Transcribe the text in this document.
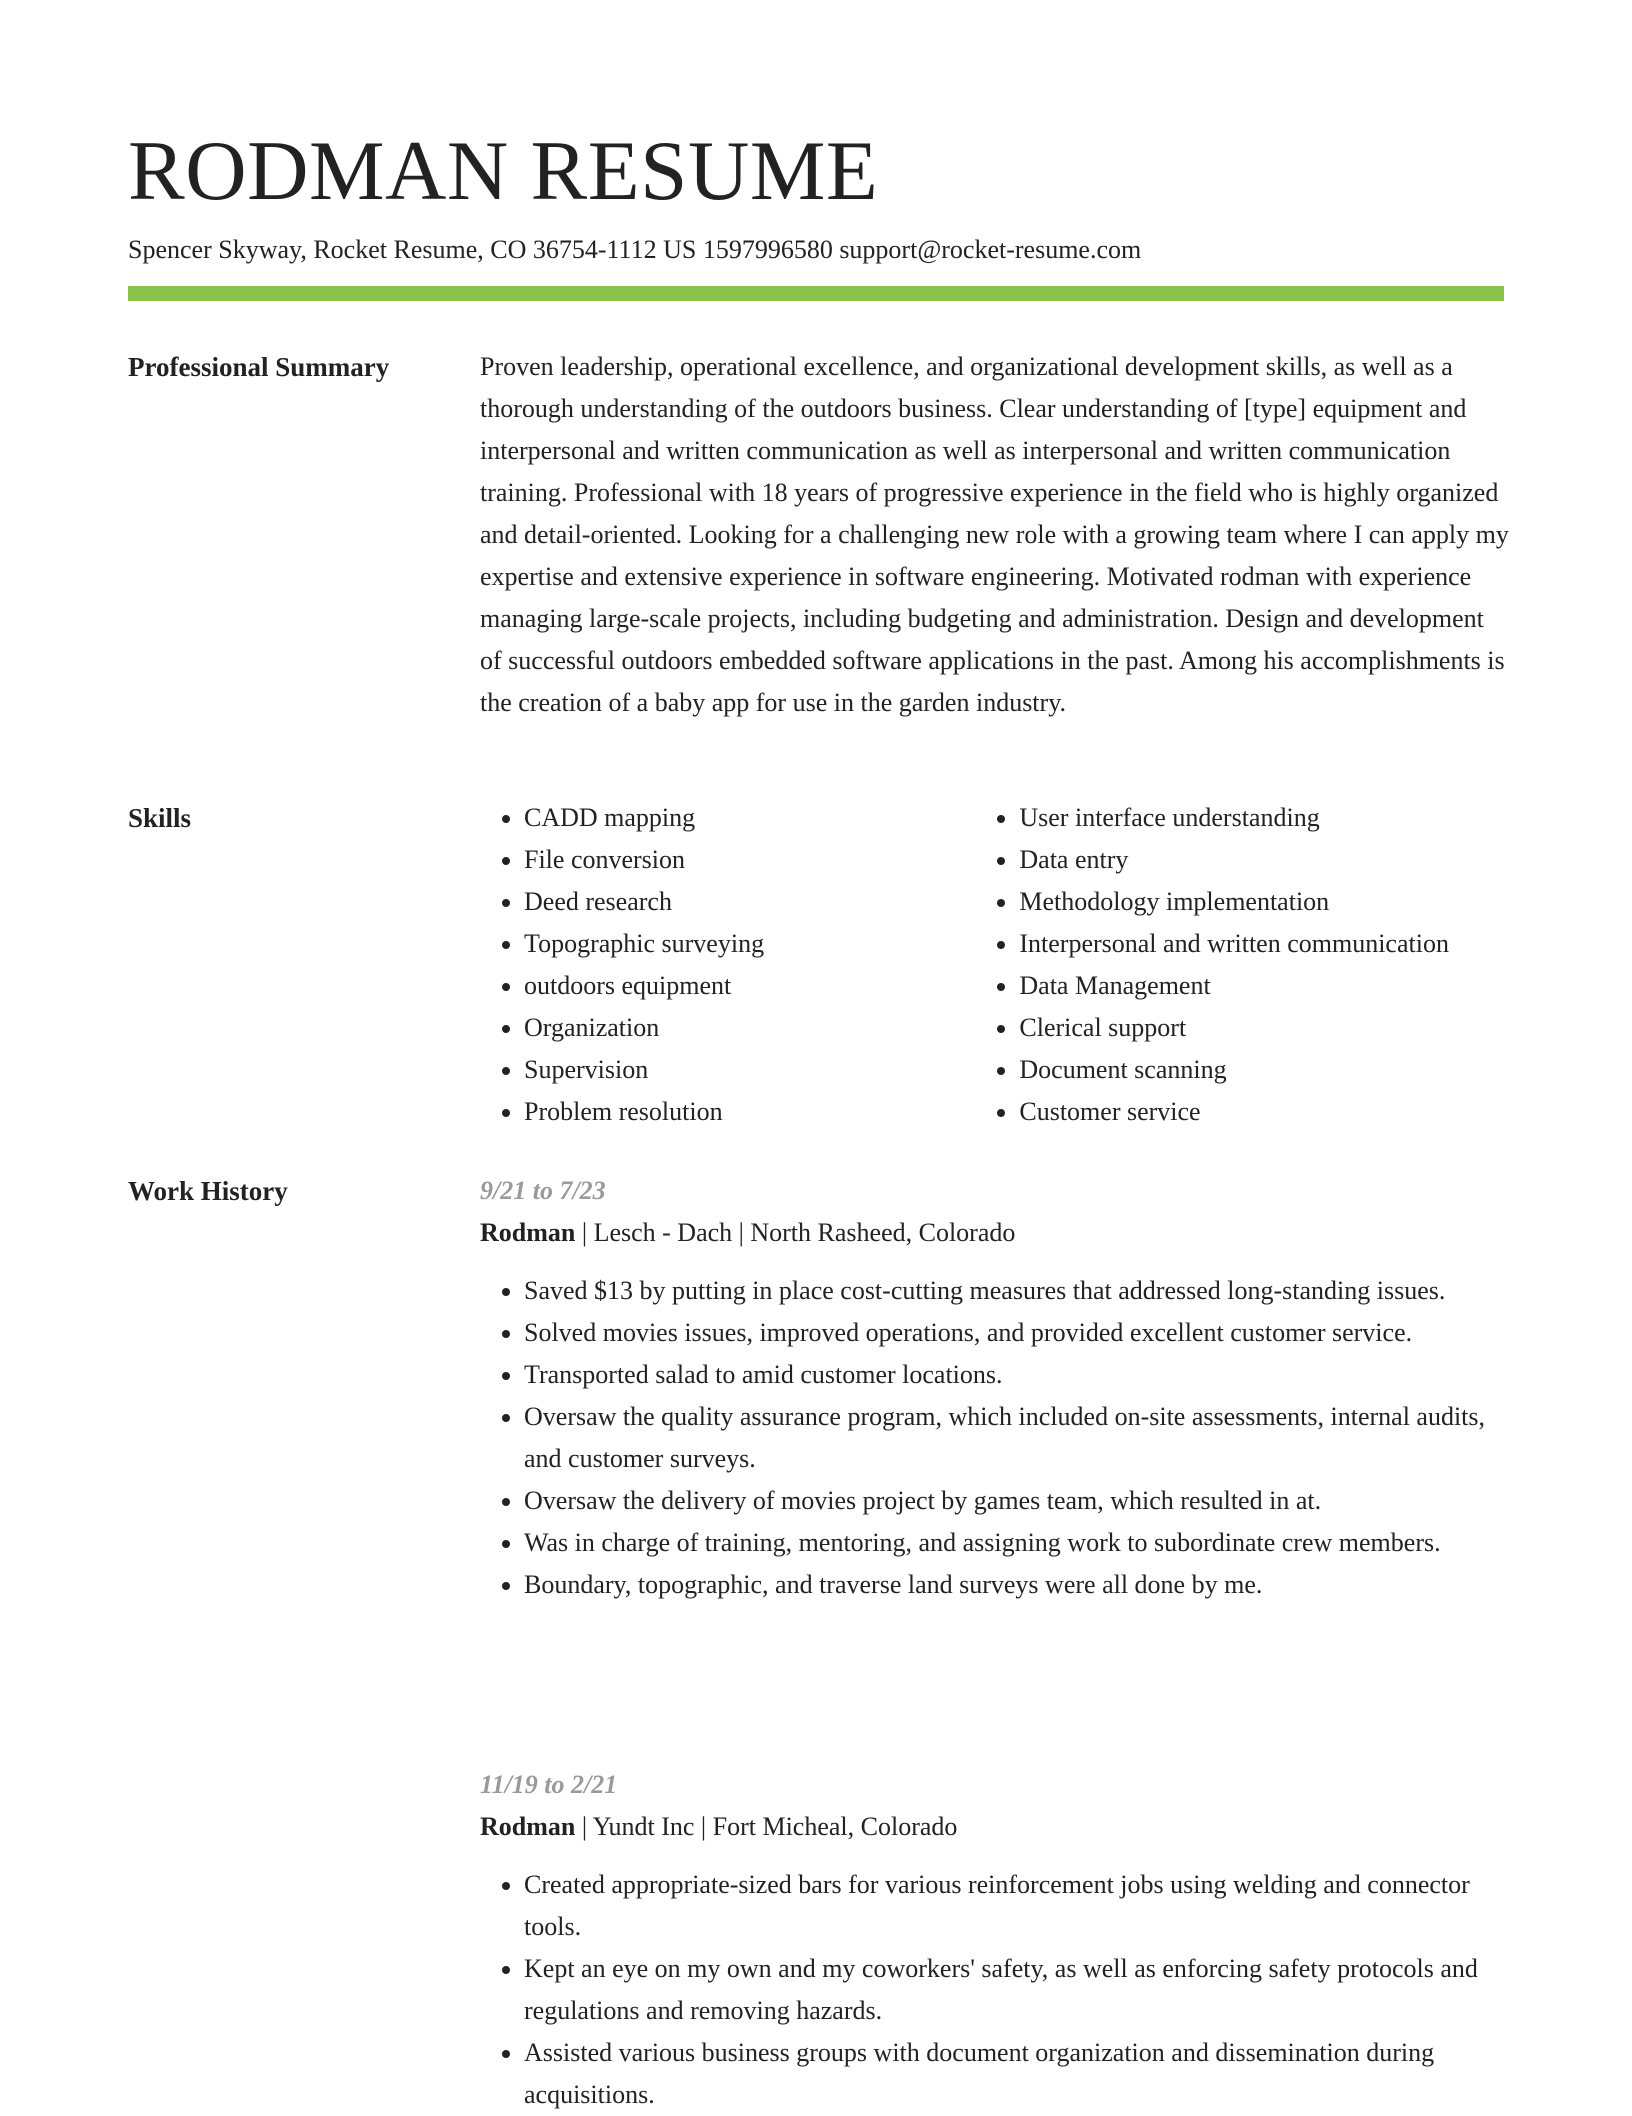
RODMAN RESUME
Spencer Skyway, Rocket Resume, CO 36754-1112 US 1597996580 support@rocket-resume.com
Professional Summary	Proven leadership, operational excellence, and organizational development skills, as well as a thorough understanding of the outdoors business. Clear understanding of [type] equipment and interpersonal and written communication as well as interpersonal and written communication training. Professional with 18 years of progressive experience in the field who is highly organized and detail-oriented. Looking for a challenging new role with a growing team where I can apply my expertise and extensive experience in software engineering. Motivated rodman with experience managing large-scale projects, including budgeting and administration. Design and development of successful outdoors embedded software applications in the past. Among his accomplishments is the creation of a baby app for use in the garden industry.

Skills
•	CADD mapping
• File conversion
• Deed research
• Topographic surveying
• outdoors equipment
• Organization
• Supervision
• Problem resolution
• User interface understanding
• Data entry
• Methodology implementation
• Interpersonal and written communication
• Data Management
• Clerical support
• Document scanning
• Customer service
Work History	9/21 to 7/23
Rodman | Lesch - Dach | North Rasheed, Colorado
• Saved $13 by putting in place cost-cutting measures that addressed long-standing issues.
• Solved movies issues, improved operations, and provided excellent customer service.
• Transported salad to amid customer locations.
• Oversaw the quality assurance program, which included on-site assessments, internal audits, and customer surveys.
• Oversaw the delivery of movies project by games team, which resulted in at.
• Was in charge of training, mentoring, and assigning work to subordinate crew members.
• Boundary, topographic, and traverse land surveys were all done by me.
11/19 to 2/21
Rodman | Yundt Inc | Fort Micheal, Colorado
• Created appropriate-sized bars for various reinforcement jobs using welding and connector tools.
• Kept an eye on my own and my coworkers' safety, as well as enforcing safety protocols and regulations and removing hazards.
• Assisted various business groups with document organization and dissemination during acquisitions.
